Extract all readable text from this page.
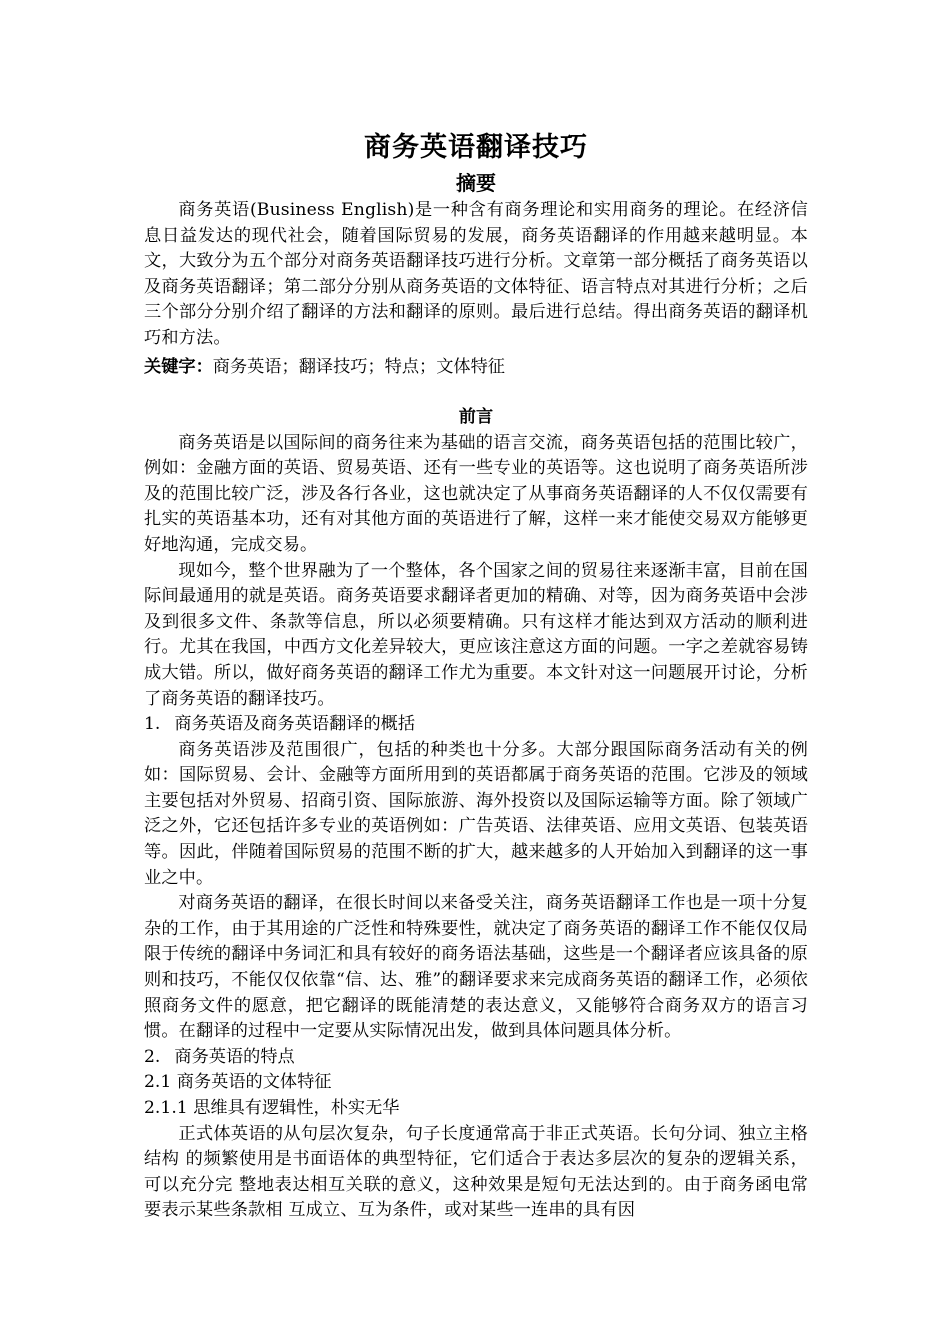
商务英语翻译技巧
摘要

商务英语(Business English)是一种含有商务理论和实用商务的理论。在经济信息日益发达的现代社会，随着国际贸易的发展，商务英语翻译的作用越来越明显。本文，大致分为五个部分对商务英语翻译技巧进行分析。文章第一部分概括了商务英语以及商务英语翻译；第二部分分别从商务英语的文体特征、语言特点对其进行分析；之后三个部分分别介绍了翻译的方法和翻译的原则。最后进行总结。得出商务英语的翻译机巧和方法。

关键字：商务英语；翻译技巧；特点；文体特征

前言

商务英语是以国际间的商务往来为基础的语言交流，商务英语包括的范围比较广，例如：金融方面的英语、贸易英语、还有一些专业的英语等。这也说明了商务英语所涉及的范围比较广泛，涉及各行各业，这也就决定了从事商务英语翻译的人不仅仅需要有扎实的英语基本功，还有对其他方面的英语进行了解，这样一来才能使交易双方能够更好地沟通，完成交易。

现如今，整个世界融为了一个整体，各个国家之间的贸易往来逐渐丰富，目前在国际间最通用的就是英语。商务英语要求翻译者更加的精确、对等，因为商务英语中会涉及到很多文件、条款等信息，所以必须要精确。只有这样才能达到双方活动的顺利进行。尤其在我国，中西方文化差异较大，更应该注意这方面的问题。一字之差就容易铸成大错。所以，做好商务英语的翻译工作尤为重要。本文针对这一问题展开讨论，分析了商务英语的翻译技巧。

1. 商务英语及商务英语翻译的概括

商务英语涉及范围很广，包括的种类也十分多。大部分跟国际商务活动有关的例如：国际贸易、会计、金融等方面所用到的英语都属于商务英语的范围。它涉及的领域主要包括对外贸易、招商引资、国际旅游、海外投资以及国际运输等方面。除了领域广泛之外，它还包括许多专业的英语例如：广告英语、法律英语、应用文英语、包装英语等。因此，伴随着国际贸易的范围不断的扩大，越来越多的人开始加入到翻译的这一事业之中。

对商务英语的翻译，在很长时间以来备受关注，商务英语翻译工作也是一项十分复杂的工作，由于其用途的广泛性和特殊要性，就决定了商务英语的翻译工作不能仅仅局限于传统的翻译中务词汇和具有较好的商务语法基础，这些是一个翻译者应该具备的原则和技巧，不能仅仅依靠“信、达、雅”的翻译要求来完成商务英语的翻译工作，必须依照商务文件的愿意，把它翻译的既能清楚的表达意义，又能够符合商务双方的语言习惯。在翻译的过程中一定要从实际情况出发，做到具体问题具体分析。

2. 商务英语的特点

2.1 商务英语的文体特征

2.1.1 思维具有逻辑性，朴实无华

正式体英语的从句层次复杂，句子长度通常高于非正式英语。长句分词、独立主格结构 的频繁使用是书面语体的典型特征，它们适合于表达多层次的复杂的逻辑关系，可以充分完 整地表达相互关联的意义，这种效果是短句无法达到的。由于商务函电常要表示某些条款相 互成立、互为条件，或对某些一连串的具有因
